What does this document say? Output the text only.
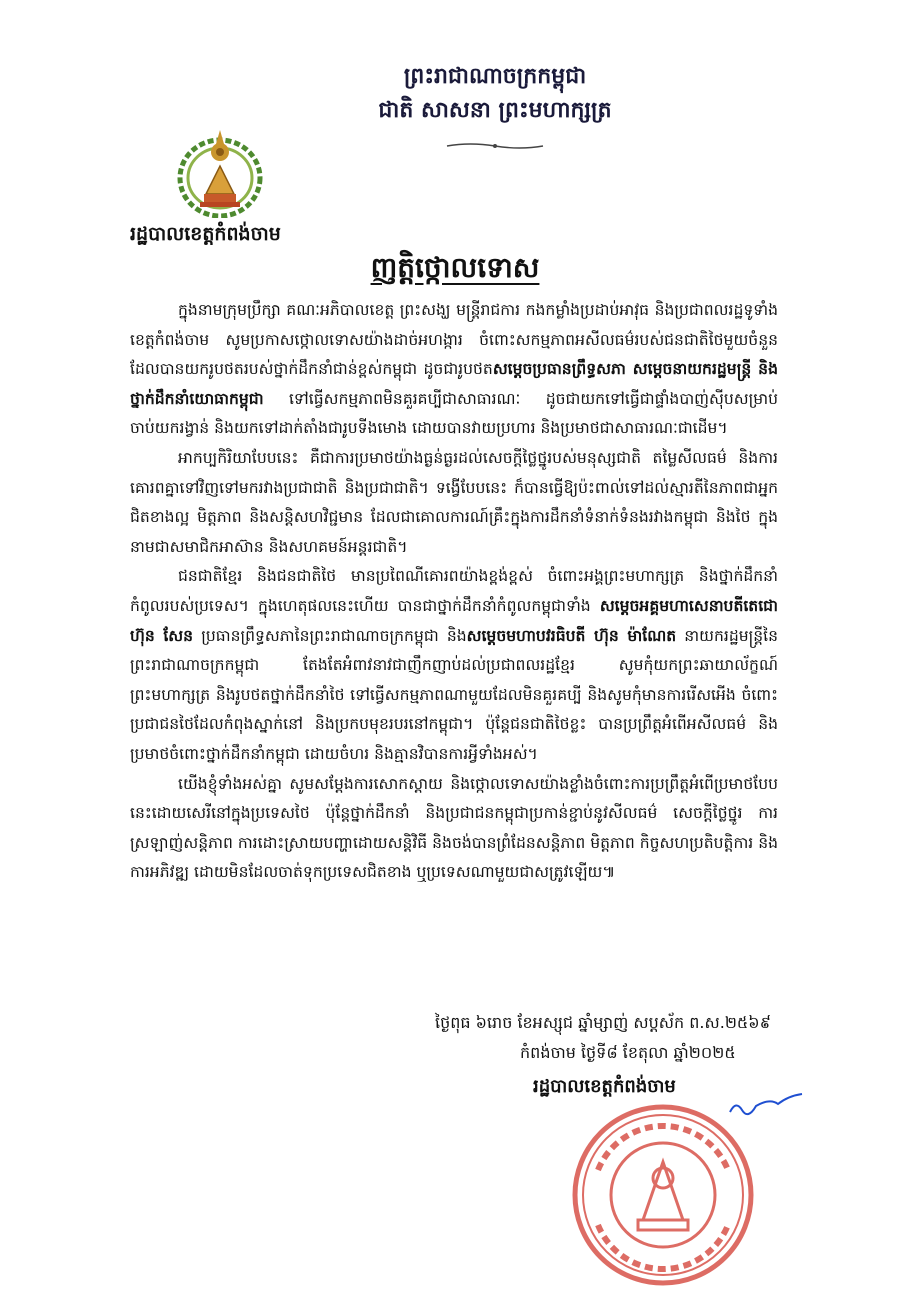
ព្រះរាជាណាចក្រកម្ពុជា
ជាតិ សាសនា ព្រះមហាក្សត្រ
រដ្ឋបាលខេត្តកំពង់ចាម
ញត្តិថ្កោលទោស

ក្នុងនាមក្រុមប្រឹក្សា គណៈអភិបាលខេត្ត ព្រះសង្ឃ មន្ត្រីរាជការ កងកម្លាំងប្រដាប់អាវុធ និងប្រជាពលរដ្ឋទូទាំងខេត្តកំពង់ចាម សូមប្រកាសថ្កោលទោសយ៉ាងដាច់អហង្ការ ចំពោះសកម្មភាពអសីលធម៌របស់ជនជាតិថៃមួយចំនួនដែលបានយករូបថតរបស់ថ្នាក់ដឹកនាំជាន់ខ្ពស់កម្ពុជា ដូចជារូបថតសម្តេចប្រធានព្រឹទ្ធសភា សម្តេចនាយករដ្ឋមន្ត្រី និងថ្នាក់ដឹកនាំយោធាកម្ពុជា ទៅធ្វើសកម្មភាពមិនគួរគប្បីជាសាធារណៈ ដូចជាយកទៅធ្វើជាផ្ទាំងបាញ់ស៊ីបសម្រាប់ចាប់យករង្វាន់ និងយកទៅដាក់តាំងជារូបទីងមោង ដោយបានវាយប្រហារ និងប្រមាថជាសាធារណៈជាដើម។

អាកប្បកិរិយាបែបនេះ គឺជាការប្រមាថយ៉ាងធ្ងន់ធ្ងរដល់សេចក្តីថ្លៃថ្នូរបស់មនុស្សជាតិ តម្លៃសីលធម៌ និងការគោរពគ្នាទៅវិញទៅមករវាងប្រជាជាតិ និងប្រជាជាតិ។ ទង្វើបែបនេះ ក៏បានធ្វើឱ្យប៉ះពាល់ទៅដល់ស្មារតីនៃភាពជាអ្នកជិតខាងល្អ មិត្តភាព និងសន្តិសហវិជ្ជមាន ដែលជាគោលការណ៍គ្រឹះក្នុងការដឹកនាំទំនាក់ទំនងរវាងកម្ពុជា និងថៃ ក្នុងនាមជាសមាជិកអាស៊ាន និងសហគមន៍អន្តរជាតិ។

ជនជាតិខ្មែរ និងជនជាតិថៃ មានប្រពៃណីគោរពយ៉ាងខ្ពង់ខ្ពស់ ចំពោះអង្គព្រះមហាក្សត្រ និងថ្នាក់ដឹកនាំ កំពូលរបស់ប្រទេស។ ក្នុងហេតុផលនេះហើយ បានជាថ្នាក់ដឹកនាំកំពូលកម្ពុជាទាំង សម្តេចអគ្គមហាសេនាបតីតេជោ ហ៊ុន សែន ប្រធានព្រឹទ្ធសភានៃព្រះរាជាណាចក្រកម្ពុជា និងសម្តេចមហាបវរធិបតី ហ៊ុន ម៉ាណែត នាយករដ្ឋមន្ត្រីនៃព្រះរាជាណាចក្រកម្ពុជា តែងតែអំពាវនាវជាញឹកញាប់ដល់ប្រជាពលរដ្ឋខ្មែរ សូមកុំយកព្រះឆាយាល័ក្ខណ៍ព្រះមហាក្សត្រ និងរូបថតថ្នាក់ដឹកនាំថៃ ទៅធ្វើសកម្មភាពណាមួយដែលមិនគួរគប្បី និងសូមកុំមានការរើសអើង ចំពោះប្រជាជនថៃដែលកំពុងស្នាក់នៅ និងប្រកបមុខរបរនៅកម្ពុជា។ ប៉ុន្តែជនជាតិថៃខ្លះ បានប្រព្រឹត្តអំពើអសីលធម៌ និងប្រមាថចំពោះថ្នាក់ដឹកនាំកម្ពុជា ដោយចំហរ និងគ្មានវិបានការអ្វីទាំងអស់។

យើងខ្ញុំទាំងអស់គ្នា សូមសម្តែងការសោកស្តាយ និងថ្កោលទោសយ៉ាងខ្លាំងចំពោះការប្រព្រឹត្តអំពើប្រមាថបែបនេះដោយសេរីនៅក្នុងប្រទេសថៃ ប៉ុន្តែថ្នាក់ដឹកនាំ និងប្រជាជនកម្ពុជាប្រកាន់ខ្ជាប់នូវសីលធម៌ សេចក្តីថ្លៃថ្នូរ ការស្រឡាញ់សន្តិភាព ការដោះស្រាយបញ្ហាដោយសន្តិវិធី និងចង់បានព្រំដែនសន្តិភាព មិត្តភាព កិច្ចសហប្រតិបត្តិការ និងការអភិវឌ្ឍ ដោយមិនដែលចាត់ទុកប្រទេសជិតខាង ឬប្រទេសណាមួយជាសត្រូវឡើយ៕

ថ្ងៃពុធ ៦រោច ខែអស្សុជ ឆ្នាំម្សាញ់ សប្តស័ក ព.ស.២៥៦៩
កំពង់ចាម ថ្ងៃទី៨ ខែតុលា ឆ្នាំ២០២៥
រដ្ឋបាលខេត្តកំពង់ចាម
